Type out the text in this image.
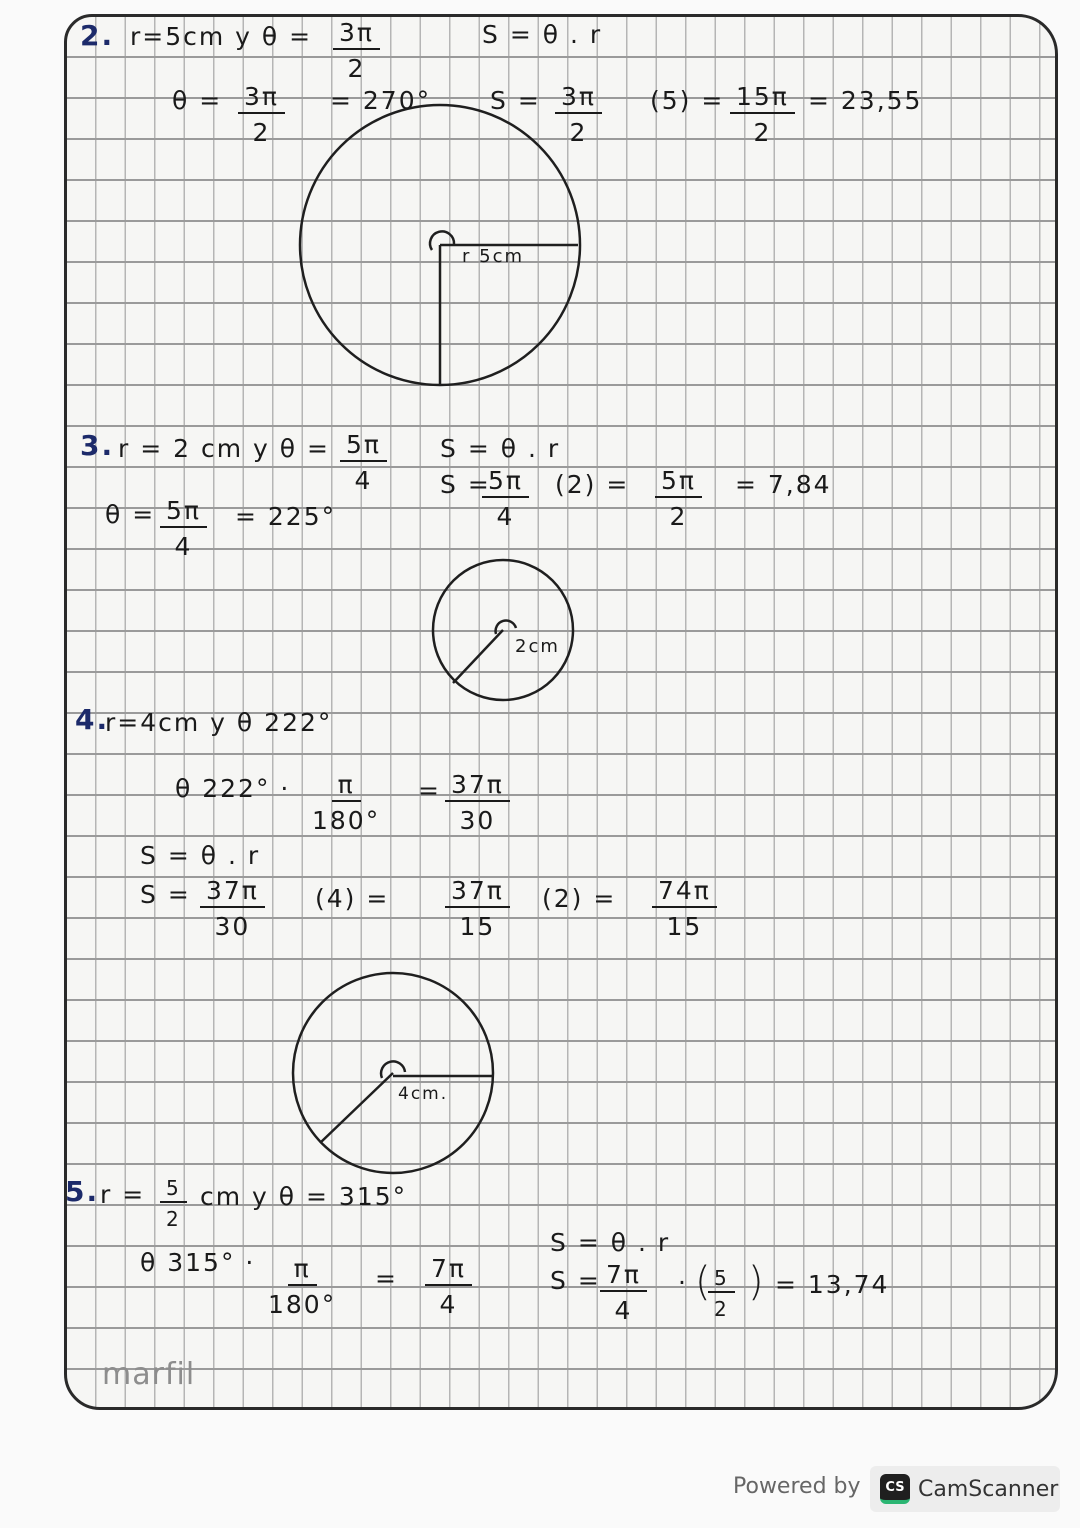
2. r=5cm y $\theta = \frac{3\pi}{2}$	S = θ . r
$\theta = \frac{3\pi}{2} = 270^\circ$ $S = \frac{3\pi}{2} (5) = \frac{15\pi}{2} = 23,55$
r 5cm
3. r = 2 cm y $\theta = \frac{5\pi}{4}$ S = θ . r
S =
$\frac{5\pi}{4} (2) = \frac{5\pi}{2} = 7,84$
$\theta = \frac{5\pi}{4} = 225^\circ$
2cm
4.
r=4cm y θ 222°
θ $222^\circ \cdot \frac{\pi}{180^\circ} = \frac{37\pi}{30}$
S = θ . r
$S = \frac{37\pi}{30} (4) = \frac{37\pi}{15} (2) = \frac{74\pi}{15}$
4cm.
5. $r = \frac{5}{2}$ cm y θ = 315°
S = θ . r
θ $315^\circ \cdot \frac{\pi}{180^\circ} = \frac{7\pi}{4}$	$S = \frac{7\pi}{4}$ · (
$\frac{5}{2}$ ) = 13,74
marfil
Powered by	CS CamScanner
